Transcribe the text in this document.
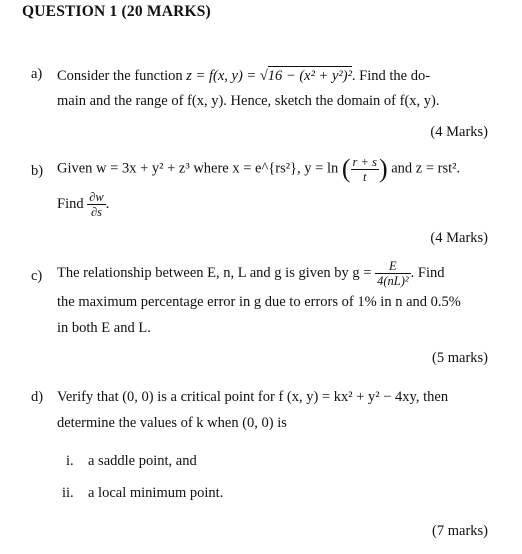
QUESTION 1 (20 MARKS)
a) Consider the function z = f(x, y) = √16 − (x² + y²)². Find the do-
main and the range of f(x, y). Hence, sketch the domain of f(x, y).
(4 Marks)
b) Given w = 3x + y² + z³ where x = e^{rs²}, y = ln ( $\frac{r + s}{t}$ ) and z = rst².
Find $\frac{\partial w}{\partial s}$ .
(4 Marks)
c) The relationship between E, n, L and g is given by $g = \frac{E}{\text{4(nL)²}}$ . Find
the maximum percentage error in g due to errors of 1% in n and 0.5%
in both E and L.
(5 marks)
d) Verify that (0, 0) is a critical point for f (x, y) = kx² + y² − 4xy, then
determine the values of k when (0, 0) is
i. a saddle point, and
ii. a local minimum point.
(7 marks)
